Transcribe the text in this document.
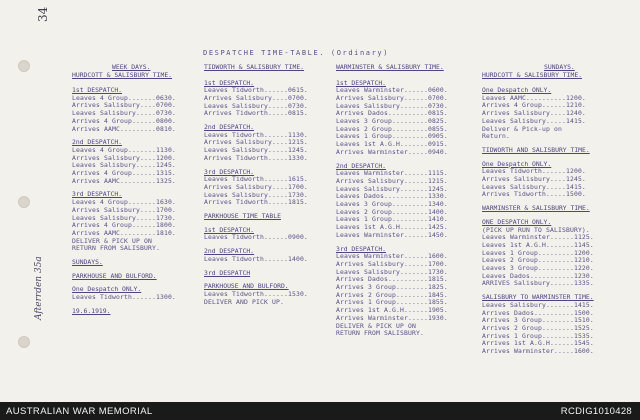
34
Afterrden 35a
DESPATCHE TIME-TABLE. (Ordinary)
WEEK DAYS.
HURDCOTT & SALISBURY TIME.
1st DESPATCH.
Leaves 4 Group.......0630.
Arrives Salisbury....0700.
Leaves Salisbury.....0730.
Arrives 4 Group......0800.
Arrives AAMC.........0810.
2nd DESPATCH.
Leaves 4 Group.......1130.
Arrives Salisbury....1200.
Leaves Salisbury.....1245.
Arrives 4 Group......1315.
Arrives AAMC.........1325.
3rd DESPATCH.
Leaves 4 Group.......1630.
Arrives Salisbury....1700.
Leaves Salisbury.....1730.
Arrives 4 Group......1800.
Arrives AAMC.........1810.
DELIVER & PICK UP ON
RETURN FROM SALISBURY.
SUNDAYS.
PARKHOUSE AND BULFORD.
One Despatch ONLY.
Leaves Tidworth......1300.
19.6.1919.
TIDWORTH & SALISBURY TIME.
1st DESPATCH.
Leaves Tidworth......0615.
Arrives Salisbury....0700.
Leaves Salisbury.....0730.
Arrives Tidworth.....0815.
2nd DESPATCH.
Leaves Tidworth......1130.
Arrives Salisbury....1215.
Leaves Salisbury.....1245.
Arrives Tidworth.....1330.
3rd DESPATCH.
Leaves Tidworth......1615.
Arrives Salisbury....1700.
Leaves Salisbury.....1730.
Arrives Tidworth.....1815.
PARKHOUSE TIME TABLE
1st DESPATCH.
Leaves Tidworth......0900.
2nd DESPATCH.
Leaves Tidworth......1400.
3rd DESPATCH
PARKHOUSE AND BULFORD.
Leaves Tidworth......1530.
DELIVER AND PICK UP.
WARMINSTER & SALISBURY TIME.
1st DESPATCH.
Leaves Warminster......0600.
Arrives Salisbury......0700.
Leaves Salisbury.......0730.
Arrives Dados..........0815.
Leaves 3 Group.........0825.
Leaves 2 Group.........0855.
Leaves 1 Group.........0905.
Leaves 1st A.G.H.......0915.
Arrives Warminster.....0940.
2nd DESPATCH.
Leaves Warminster......1115.
Arrives Salisbury......1215.
Leaves Salisbury.......1245.
Leaves Dados...........1330.
Leaves 3 Group.........1340.
Leaves 2 Group.........1400.
Leaves 1 Group.........1410.
Leaves 1st A.G.H.......1425.
Leaves Warminster......1450.
3rd DESPATCH.
Leaves Warminster......1600.
Arrives Salisbury......1700.
Leaves Salisbury.......1730.
Arrives Dados..........1815.
Arrives 3 Group........1825.
Arrives 2 Group........1845.
Arrives 1 Group........1855.
Arrives 1st A.G.H......1905.
Arrives Warminster.....1930.
DELIVER & PICK UP ON
RETURN FROM SALISBURY.
SUNDAYS.
HURDCOTT & SALISBURY TIME.
One Despatch ONLY.
Leaves AAMC..........1200.
Arrives 4 Group......1210.
Arrives Salisbury....1240.
Leaves Salisbury.....1415.
Deliver & Pick-up on
Return.
TIDWORTH AND SALISBURY TIME.
One Despatch ONLY.
Leaves Tidworth......1200.
Arrives Salisbury....1245.
Leaves Salisbury.....1415.
Arrives Tidworth.....1500.
WARMINSTER & SALISBURY TIME.
ONE DESPATCH ONLY.
(PICK UP RUN TO SALISBURY).
Leaves Warminster......1125.
Leaves 1st A.G.H.......1145.
Leaves 1 Group.........1200.
Leaves 2 Group.........1210.
Leaves 3 Group.........1220.
Leaves Dados...........1230.
ARRIVES Salisbury......1335.
SALISBURY TO WARMINSTER TIME.
Leaves Salisbury.......1415.
Arrives Dados..........1500.
Arrives 3 Group........1510.
Arrives 2 Group........1525.
Arrives 1 Group........1535.
Arrives 1st A.G.H......1545.
Arrives Warminster.....1600.
AUSTRALIAN WAR MEMORIAL	RCDIG1010428
